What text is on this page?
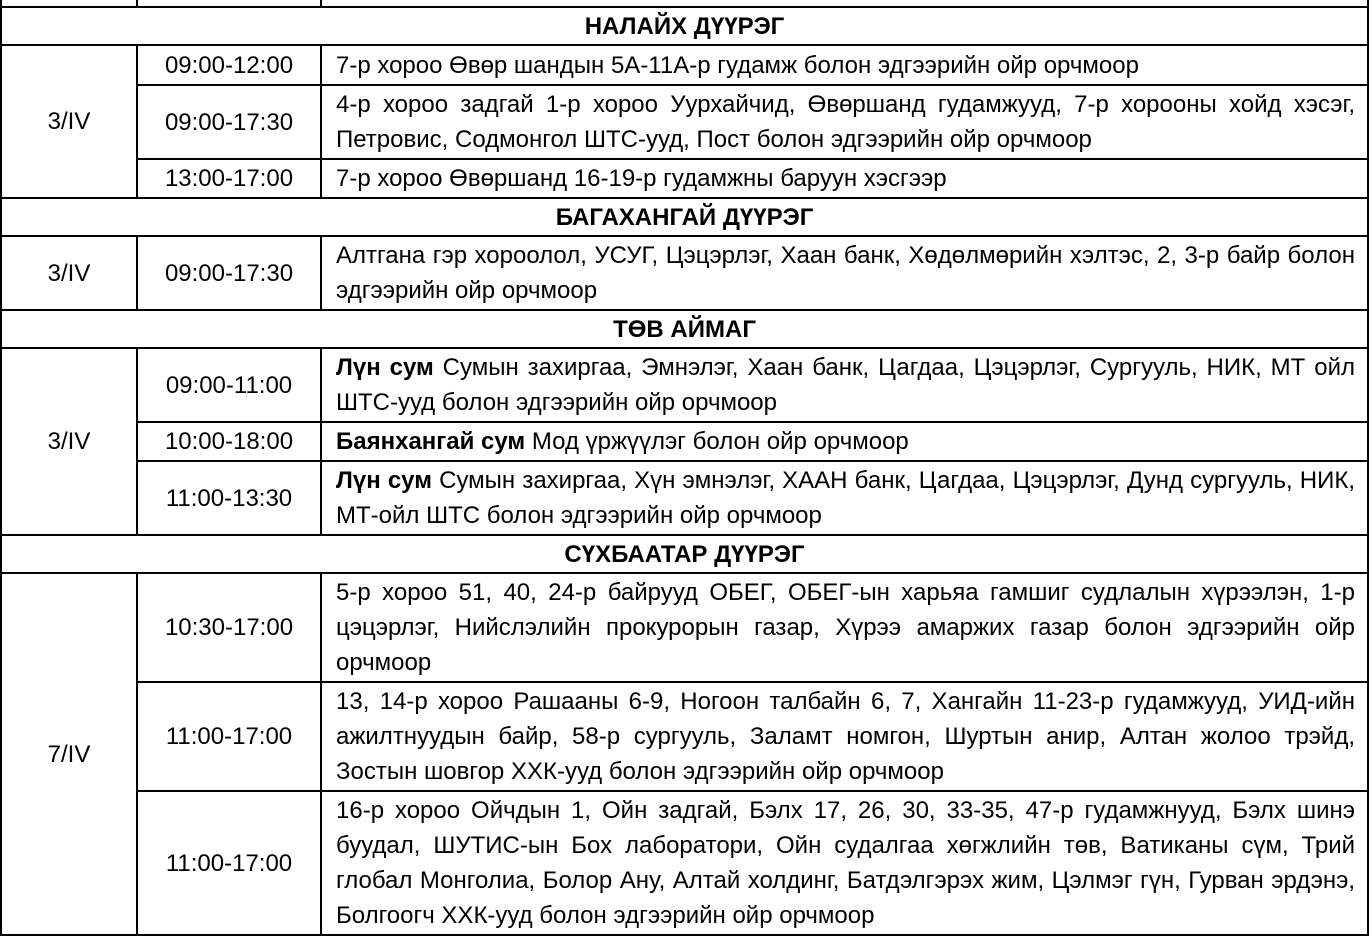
НАЛАЙХ ДҮҮРЭГ		
3/IV	09:00-12:00	7-р хороо Өвөр шандын 5А-11А-р гудамж болон эдгээрийн ойр орчмоор
	09:00-17:30	4-р хороо задгай 1-р хороо Уурхайчид, Өвөршанд гудамжууд, 7-р хорооны хойд хэсэг, Петровис, Содмонгол ШТС-ууд, Пост болон эдгээрийн ойр орчмоор
	13:00-17:00	7-р хороо Өвөршанд 16-19-р гудамжны баруун хэсгээр
БАГАХАНГАЙ ДҮҮРЭГ		
3/IV	09:00-17:30	Алтгана гэр хороолол, УСУГ, Цэцэрлэг, Хаан банк, Хөдөлмөрийн хэлтэс, 2, 3-р байр болон эдгээрийн ойр орчмоор
ТӨВ АЙМАГ		
3/IV	09:00-11:00	Лүн сум Сумын захиргаа, Эмнэлэг, Хаан банк, Цагдаа, Цэцэрлэг, Сургууль, НИК, МТ ойл ШТС-ууд болон эдгээрийн ойр орчмоор
	10:00-18:00	Баянхангай сум Мод үржүүлэг болон ойр орчмоор
	11:00-13:30	Лүн сум Сумын захиргаа, Хүн эмнэлэг, ХААН банк, Цагдаа, Цэцэрлэг, Дунд сургууль, НИК, МТ-ойл ШТС болон эдгээрийн ойр орчмоор
СҮХБААТАР ДҮҮРЭГ		
7/IV	10:30-17:00	5-р хороо 51, 40, 24-р байрууд ОБЕГ, ОБЕГ-ын харьяа гамшиг судлалын хүрээлэн, 1-р цэцэрлэг, Нийслэлийн прокурорын газар, Хүрээ амаржих газар болон эдгээрийн ойр орчмоор
	11:00-17:00	13, 14-р хороо Рашааны 6-9, Ногоон талбайн 6, 7, Хангайн 11-23-р гудамжууд, УИД-ийн ажилтнуудын байр, 58-р сургууль, Заламт номгон, Шуртын анир, Алтан жолоо трэйд, Зостын шовгор ХХК-ууд болон эдгээрийн ойр орчмоор
	11:00-17:00	16-р хороо Ойчдын 1, Ойн задгай, Бэлх 17, 26, 30, 33-35, 47-р гудамжнууд, Бэлх шинэ буудал, ШУТИС-ын Бох лаборатори, Ойн судалгаа хөгжлийн төв, Ватиканы сүм, Трий глобал Монголиа, Болор Ану, Алтай холдинг, Батдэлгэрэх жим, Цэлмэг гүн, Гурван эрдэнэ, Болгоогч ХХК-ууд болон эдгээрийн ойр орчмоор
